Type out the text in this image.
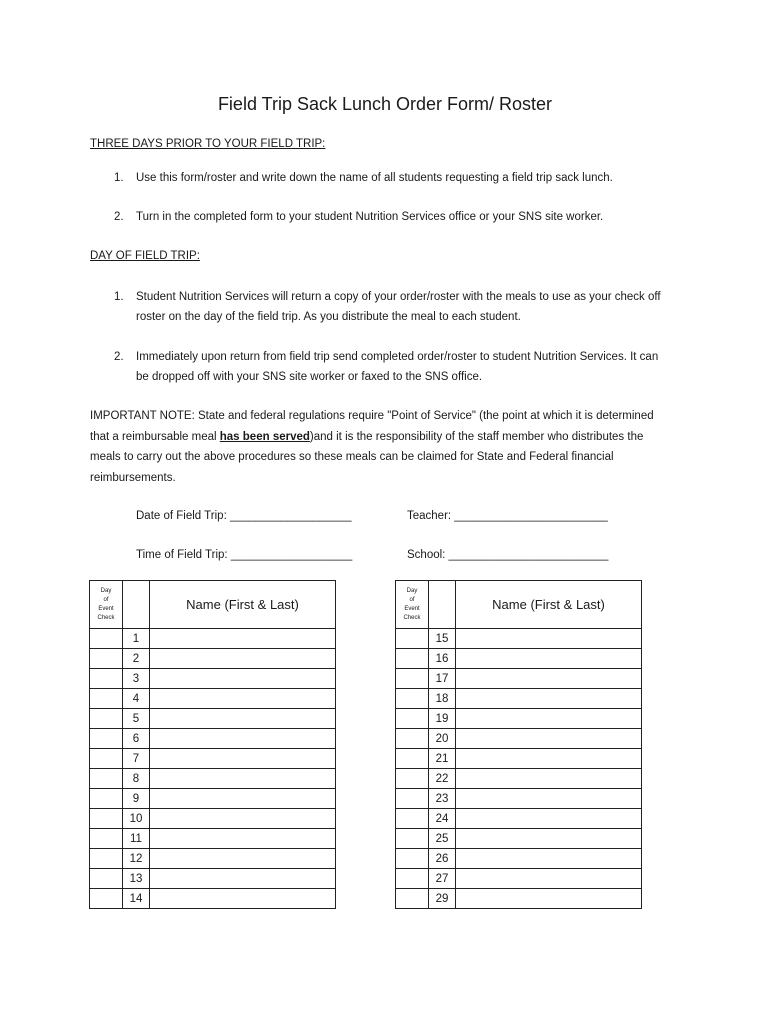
Field Trip Sack Lunch Order Form/ Roster
THREE DAYS PRIOR TO YOUR FIELD TRIP:
1. Use this form/roster and write down the name of all students requesting a field trip sack lunch.
2. Turn in the completed form to your student Nutrition Services office or your SNS site worker.
DAY OF FIELD TRIP:
1. Student Nutrition Services will return a copy of your order/roster with the meals to use as your check off roster on the day of the field trip. As you distribute the meal to each student.
2. Immediately upon return from field trip send completed order/roster to student Nutrition Services. It can be dropped off with your SNS site worker or faxed to the SNS office.
IMPORTANT NOTE: State and federal regulations require "Point of Service" (the point at which it is determined that a reimbursable meal has been served)and it is the responsibility of the staff member who distributes the meals to carry out the above procedures so these meals can be claimed for State and Federal financial reimbursements.
Date of Field Trip: ___________________	Teacher: ________________________
Time of Field Trip: ___________________	School: _________________________
Day
of
Event
Check		Name (First & Last)
	1	
	2	
	3	
	4	
	5	
	6	
	7	
	8	
	9	
	10	
	11	
	12	
	13	
	14	
Day
of
Event
Check		Name (First & Last)
	15	
	16	
	17	
	18	
	19	
	20	
	21	
	22	
	23	
	24	
	25	
	26	
	27	
	29	
